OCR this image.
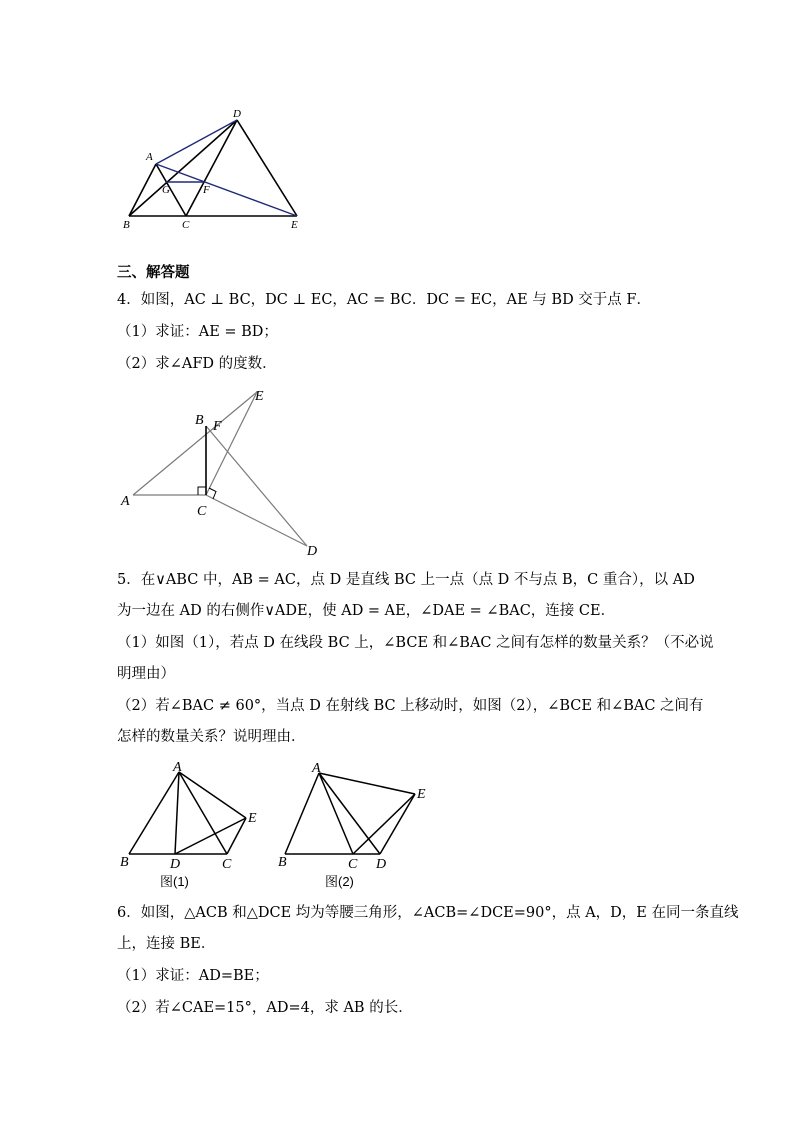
D
A
G	F
B	C	E
三、解答题
4．如图，AC ⊥ BC，DC ⊥ EC，AC = BC．DC = EC，AE 与 BD 交于点 F．
（1）求证：AE = BD；
（2）求∠AFD 的度数．
B F
E
A
C
D
5．在∨ABC 中，AB = AC，点 D 是直线 BC 上一点（点 D 不与点 B，C 重合），以 AD
为一边在 AD 的右侧作∨ADE，使 AD = AE，∠DAE = ∠BAC，连接 CE．
（1）如图（1），若点 D 在线段 BC 上，∠BCE 和∠BAC 之间有怎样的数量关系？（不必说
明理由）
（2）若∠BAC ≠ 60°，当点 D 在射线 BC 上移动时，如图（2），∠BCE 和∠BAC 之间有
怎样的数量关系？说明理由．
A
E
B	D	C
图(1)
A
E
B	C D
图(2)
6．如图，△ACB 和△DCE 均为等腰三角形，∠ACB=∠DCE=90°，点 A，D，E 在同一条直线
上，连接 BE．
（1）求证：AD=BE；
（2）若∠CAE=15°，AD=4，求 AB 的长．
